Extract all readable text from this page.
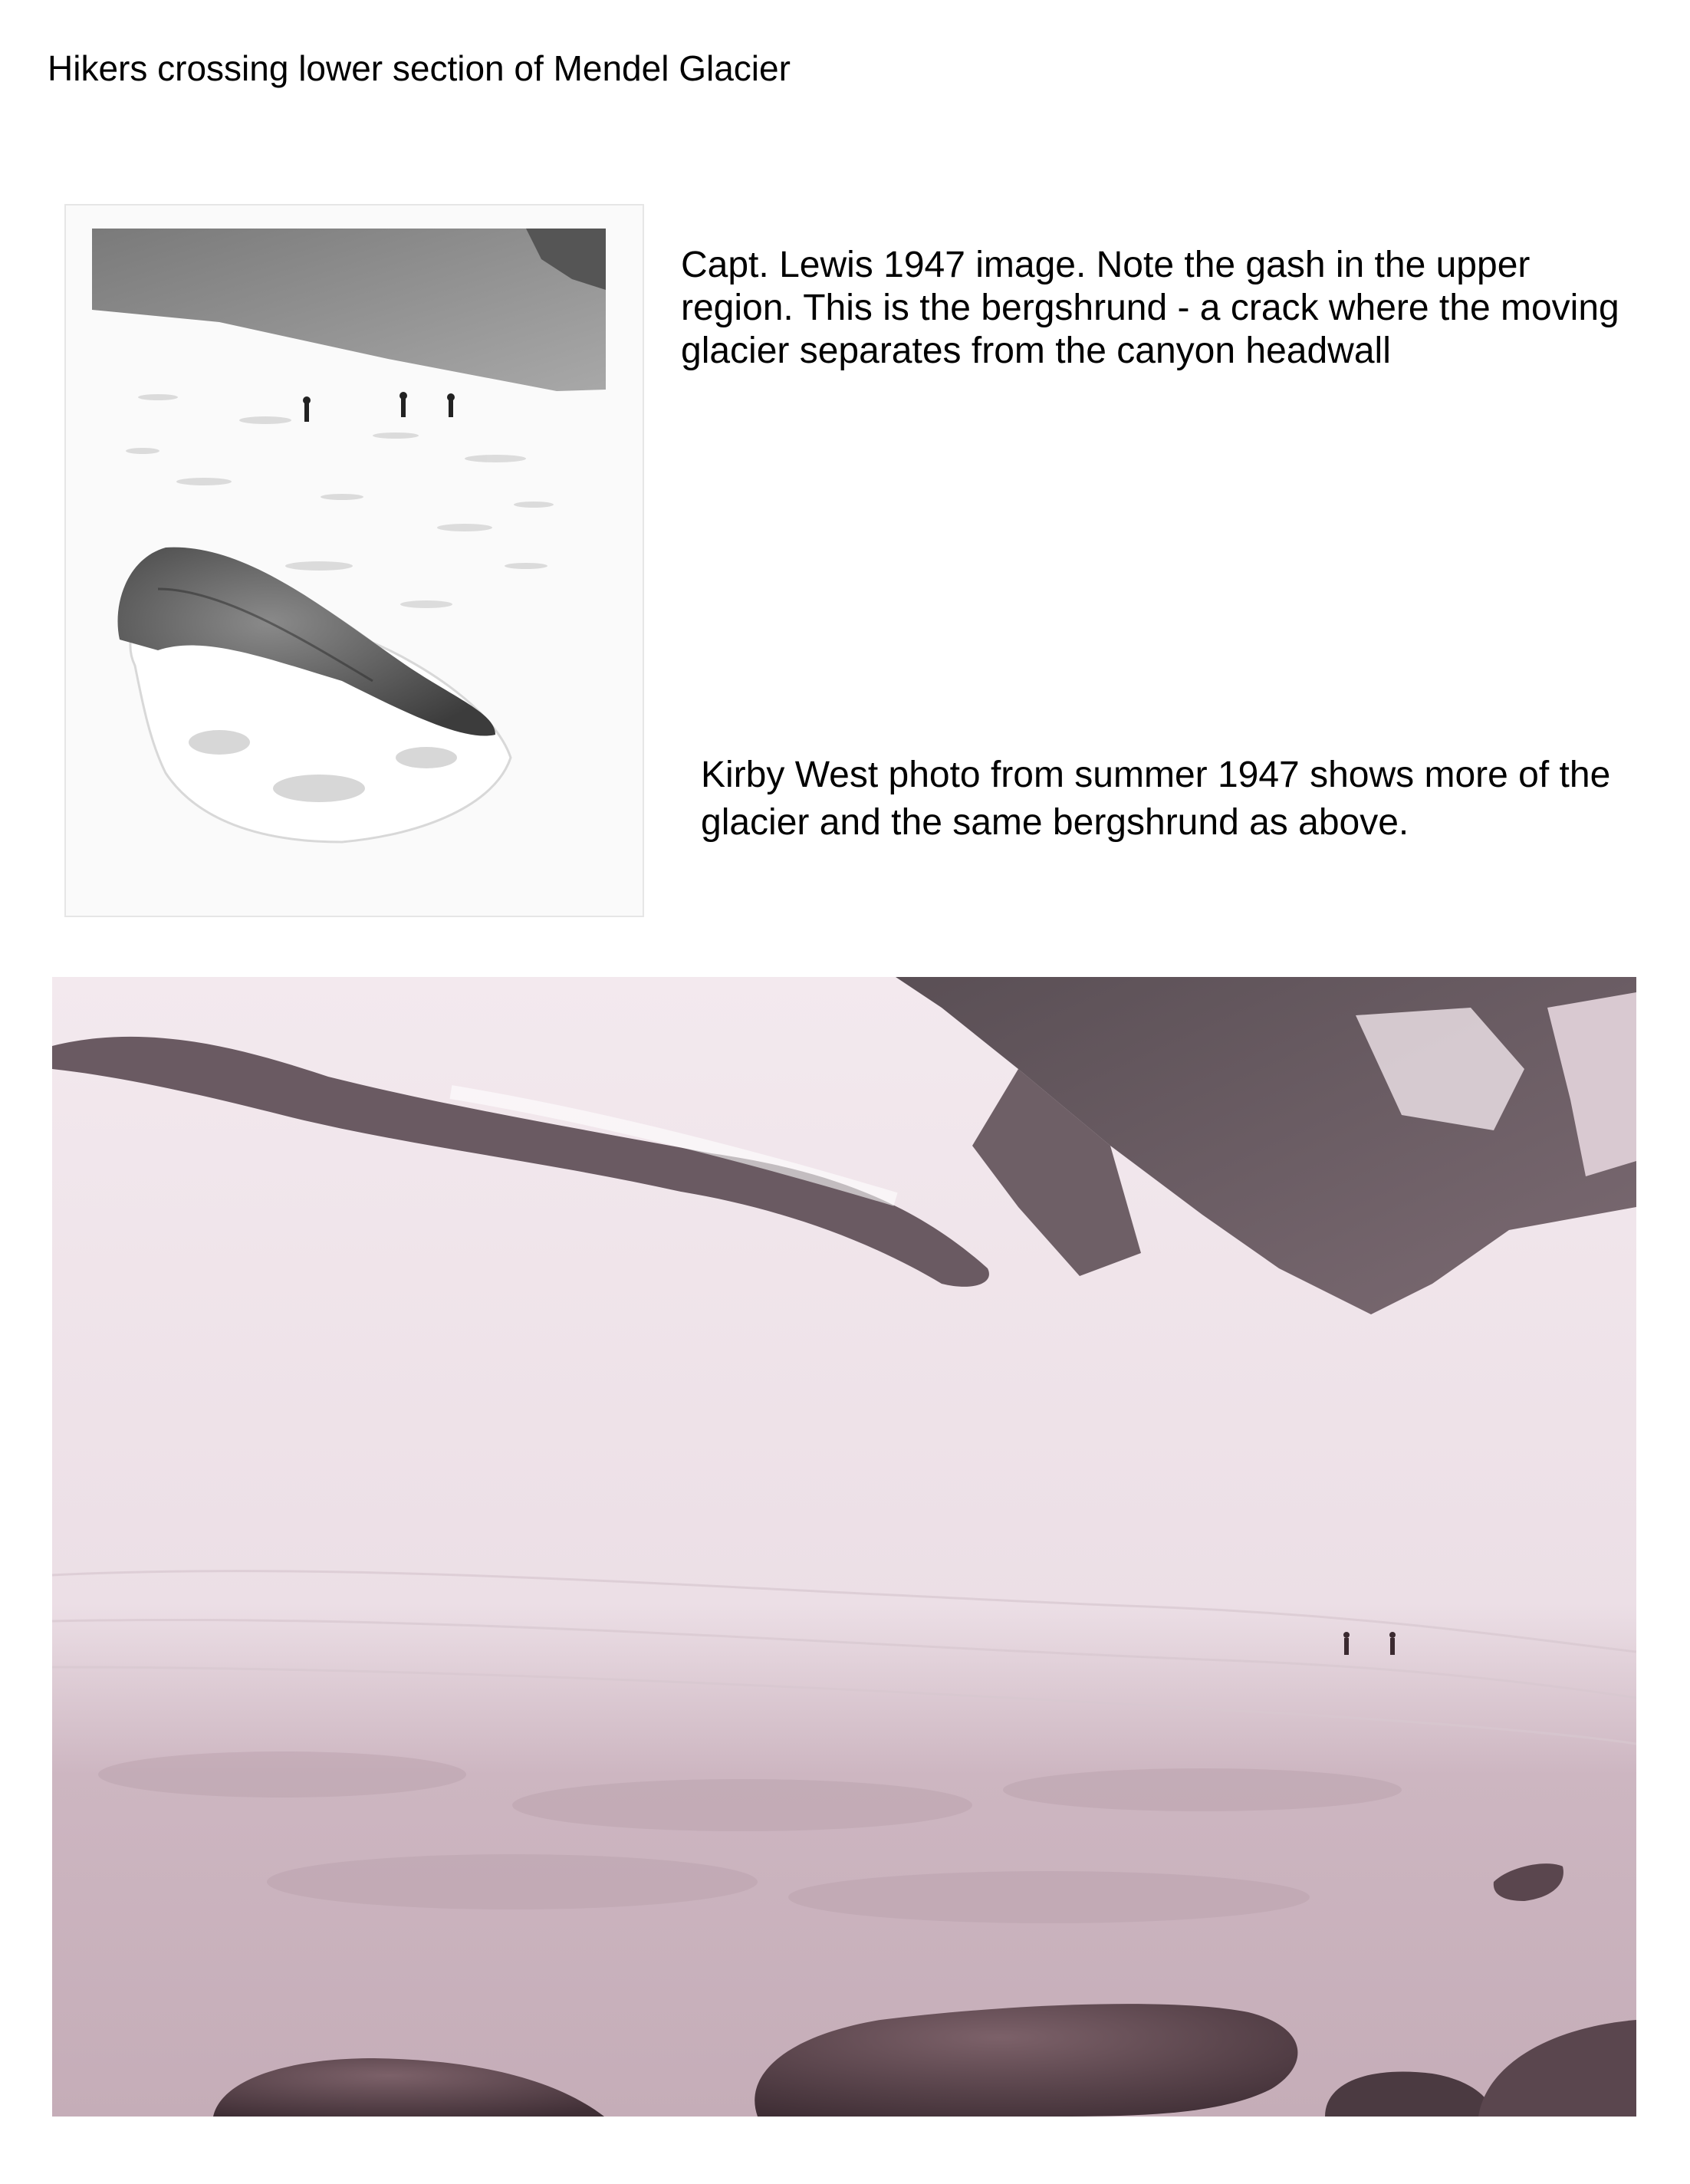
Hikers crossing lower section of Mendel Glacier

Capt. Lewis 1947 image. Note the gash in the upper region. This is the bergshrund - a crack where the moving glacier separates from the canyon headwall

Kirby West photo from summer 1947 shows more of the glacier and the same bergshrund as above.
